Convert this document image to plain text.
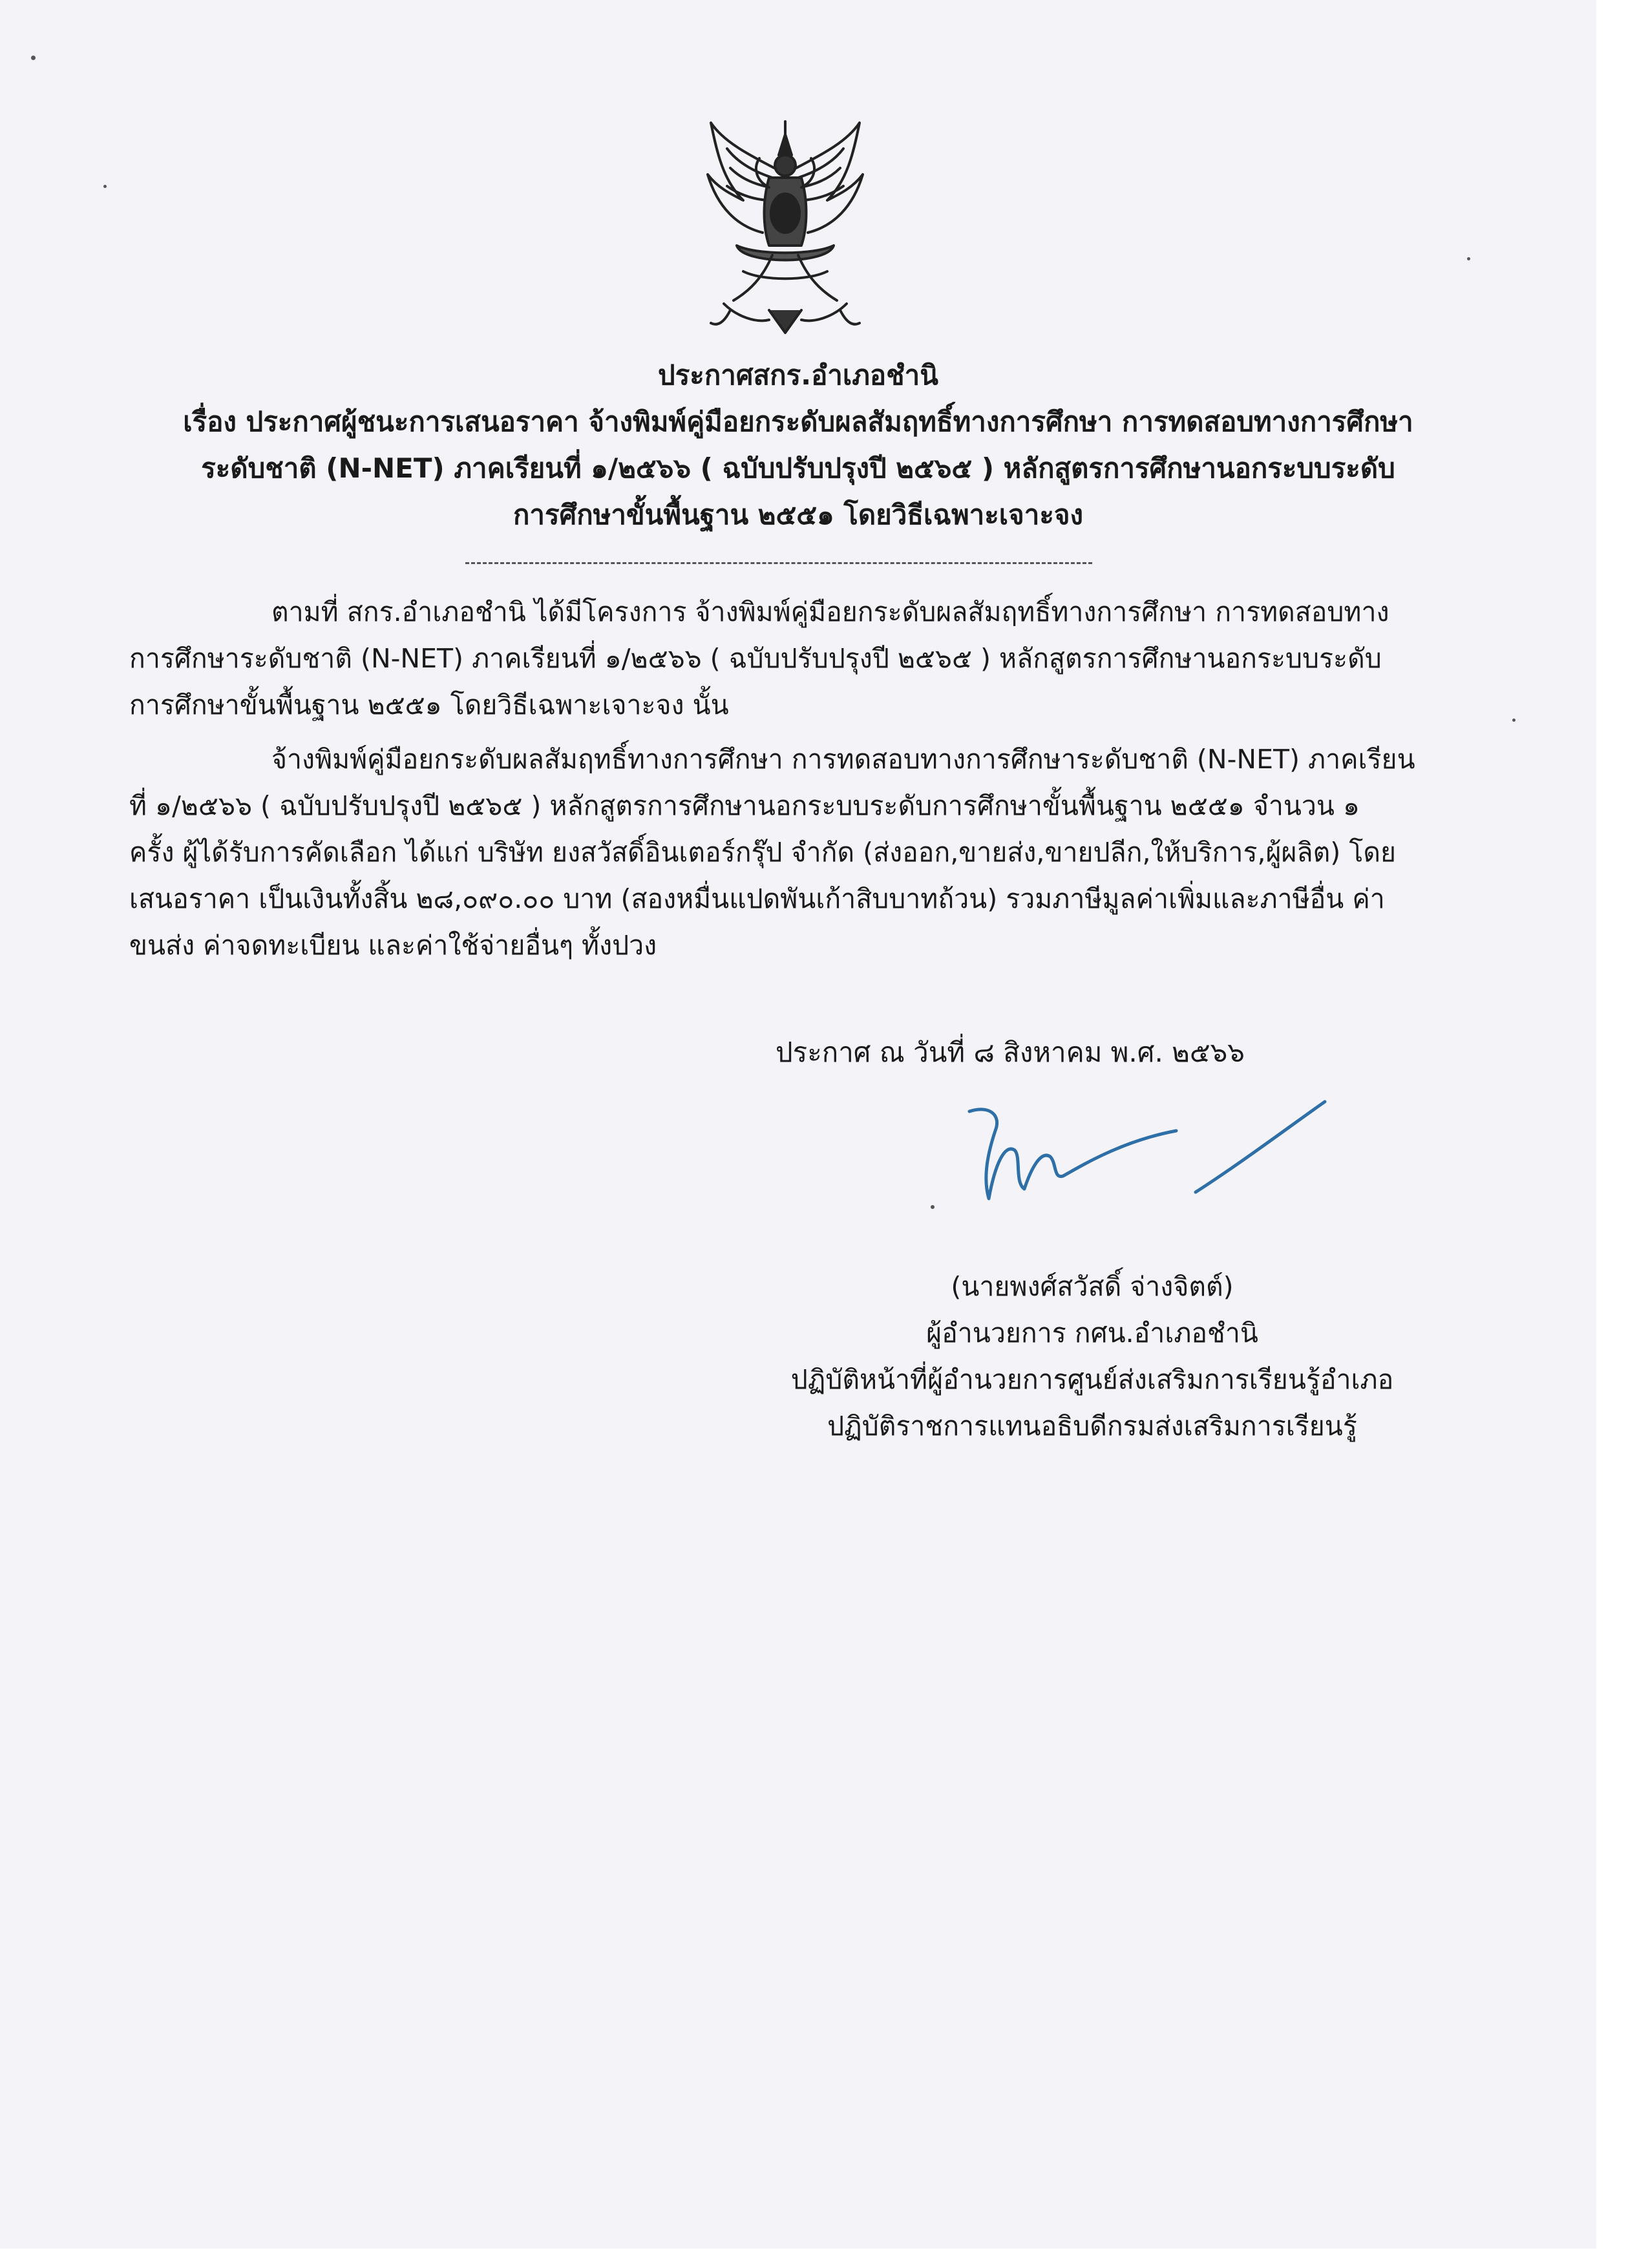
ประกาศสกร.อำเภอชำนิ
เรื่อง ประกาศผู้ชนะการเสนอราคา จ้างพิมพ์คู่มือยกระดับผลสัมฤทธิ์ทางการศึกษา การทดสอบทางการศึกษา
ระดับชาติ (N-NET) ภาคเรียนที่ ๑/๒๕๖๖ ( ฉบับปรับปรุงปี ๒๕๖๕ ) หลักสูตรการศึกษานอกระบบระดับ
การศึกษาขั้นพื้นฐาน ๒๕๕๑ โดยวิธีเฉพาะเจาะจง
ตามที่ สกร.อำเภอชำนิ ได้มีโครงการ จ้างพิมพ์คู่มือยกระดับผลสัมฤทธิ์ทางการศึกษา การทดสอบทาง
การศึกษาระดับชาติ (N-NET) ภาคเรียนที่ ๑/๒๕๖๖ ( ฉบับปรับปรุงปี ๒๕๖๕ ) หลักสูตรการศึกษานอกระบบระดับ
การศึกษาขั้นพื้นฐาน ๒๕๕๑ โดยวิธีเฉพาะเจาะจง นั้น
จ้างพิมพ์คู่มือยกระดับผลสัมฤทธิ์ทางการศึกษา การทดสอบทางการศึกษาระดับชาติ (N-NET) ภาคเรียน
ที่ ๑/๒๕๖๖ ( ฉบับปรับปรุงปี ๒๕๖๕ ) หลักสูตรการศึกษานอกระบบระดับการศึกษาขั้นพื้นฐาน ๒๕๕๑ จำนวน ๑
ครั้ง ผู้ได้รับการคัดเลือก ได้แก่ บริษัท ยงสวัสดิ์อินเตอร์กรุ๊ป จำกัด (ส่งออก,ขายส่ง,ขายปลีก,ให้บริการ,ผู้ผลิต) โดย
เสนอราคา เป็นเงินทั้งสิ้น ๒๘,๐๙๐.๐๐ บาท (สองหมื่นแปดพันเก้าสิบบาทถ้วน) รวมภาษีมูลค่าเพิ่มและภาษีอื่น ค่า
ขนส่ง ค่าจดทะเบียน และค่าใช้จ่ายอื่นๆ ทั้งปวง
ประกาศ ณ วันที่ ๘ สิงหาคม พ.ศ. ๒๕๖๖
(นายพงศ์สวัสดิ์ จ่างจิตต์)
ผู้อำนวยการ กศน.อำเภอชำนิ
ปฏิบัติหน้าที่ผู้อำนวยการศูนย์ส่งเสริมการเรียนรู้อำเภอ
ปฏิบัติราชการแทนอธิบดีกรมส่งเสริมการเรียนรู้
